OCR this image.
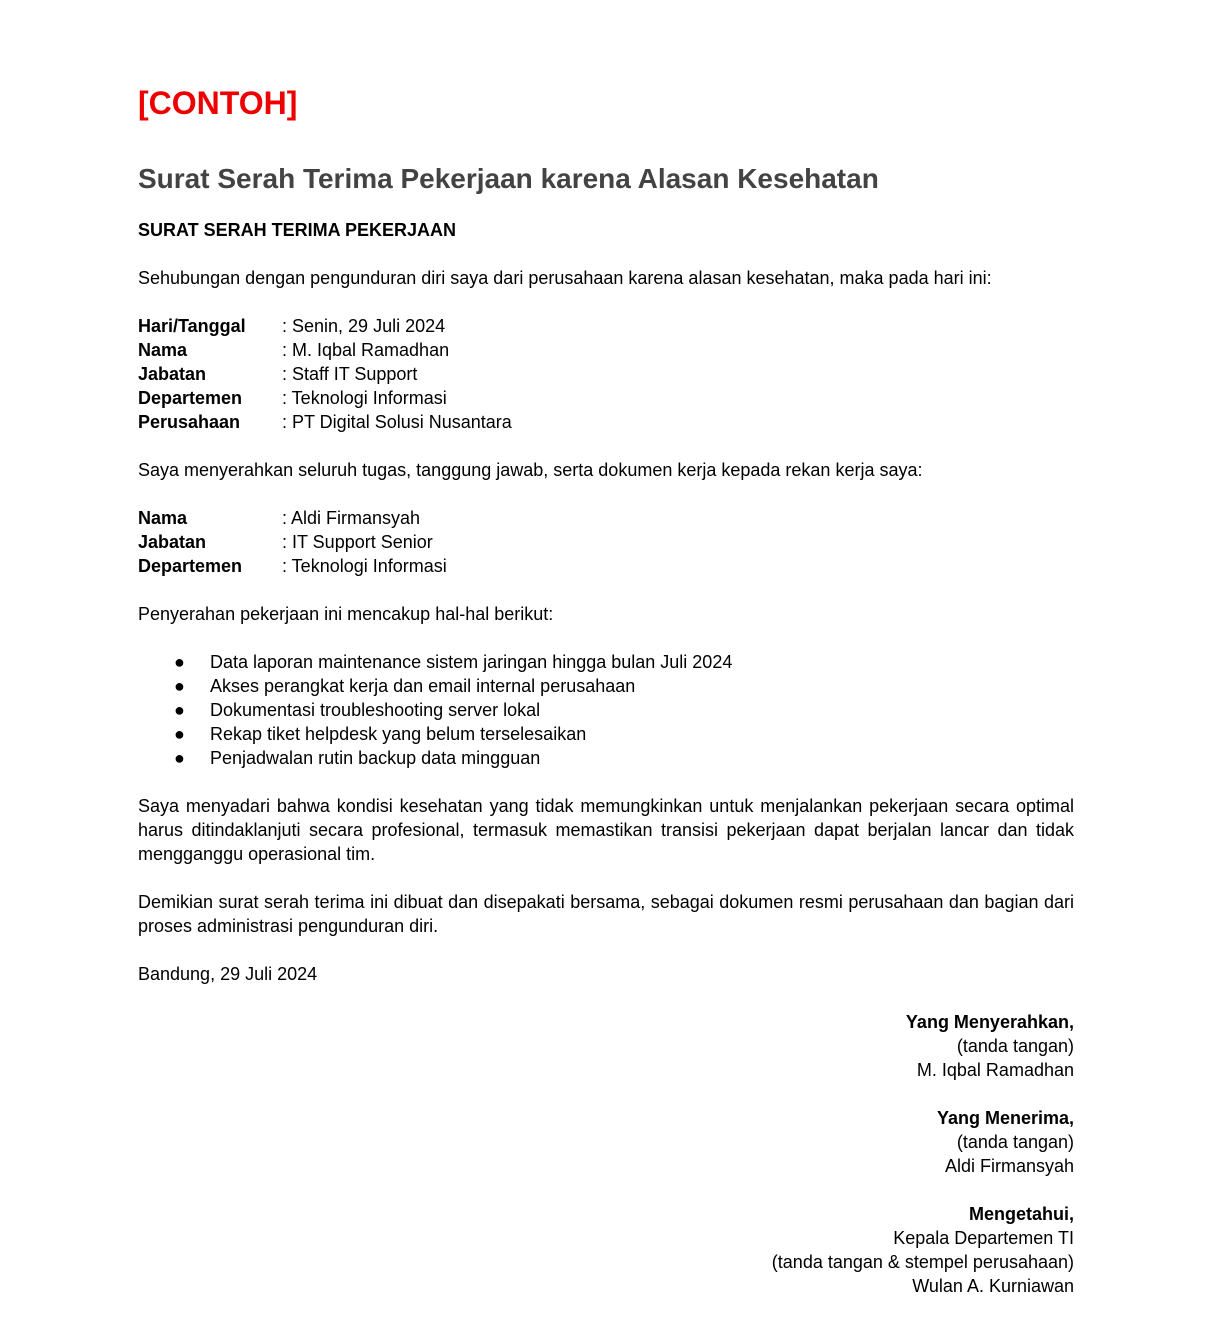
[CONTOH]
Surat Serah Terima Pekerjaan karena Alasan Kesehatan
SURAT SERAH TERIMA PEKERJAAN

Sehubungan dengan pengunduran diri saya dari perusahaan karena alasan kesehatan, maka pada hari ini:

Hari/Tanggal	: Senin, 29 Juli 2024
Nama	: M. Iqbal Ramadhan
Jabatan	: Staff IT Support
Departemen	: Teknologi Informasi
Perusahaan	: PT Digital Solusi Nusantara

Saya menyerahkan seluruh tugas, tanggung jawab, serta dokumen kerja kepada rekan kerja saya:

Nama	: Aldi Firmansyah
Jabatan	: IT Support Senior
Departemen	: Teknologi Informasi

Penyerahan pekerjaan ini mencakup hal-hal berikut:

●	Data laporan maintenance sistem jaringan hingga bulan Juli 2024
●	Akses perangkat kerja dan email internal perusahaan
●	Dokumentasi troubleshooting server lokal
●	Rekap tiket helpdesk yang belum terselesaikan
●	Penjadwalan rutin backup data mingguan

Saya menyadari bahwa kondisi kesehatan yang tidak memungkinkan untuk menjalankan pekerjaan secara optimal harus ditindaklanjuti secara profesional, termasuk memastikan transisi pekerjaan dapat berjalan lancar dan tidak mengganggu operasional tim.

Demikian surat serah terima ini dibuat dan disepakati bersama, sebagai dokumen resmi perusahaan dan bagian dari proses administrasi pengunduran diri.

Bandung, 29 Juli 2024

Yang Menyerahkan,
(tanda tangan)
M. Iqbal Ramadhan
Yang Menerima,
(tanda tangan)
Aldi Firmansyah
Mengetahui,
Kepala Departemen TI
(tanda tangan & stempel perusahaan)
Wulan A. Kurniawan
